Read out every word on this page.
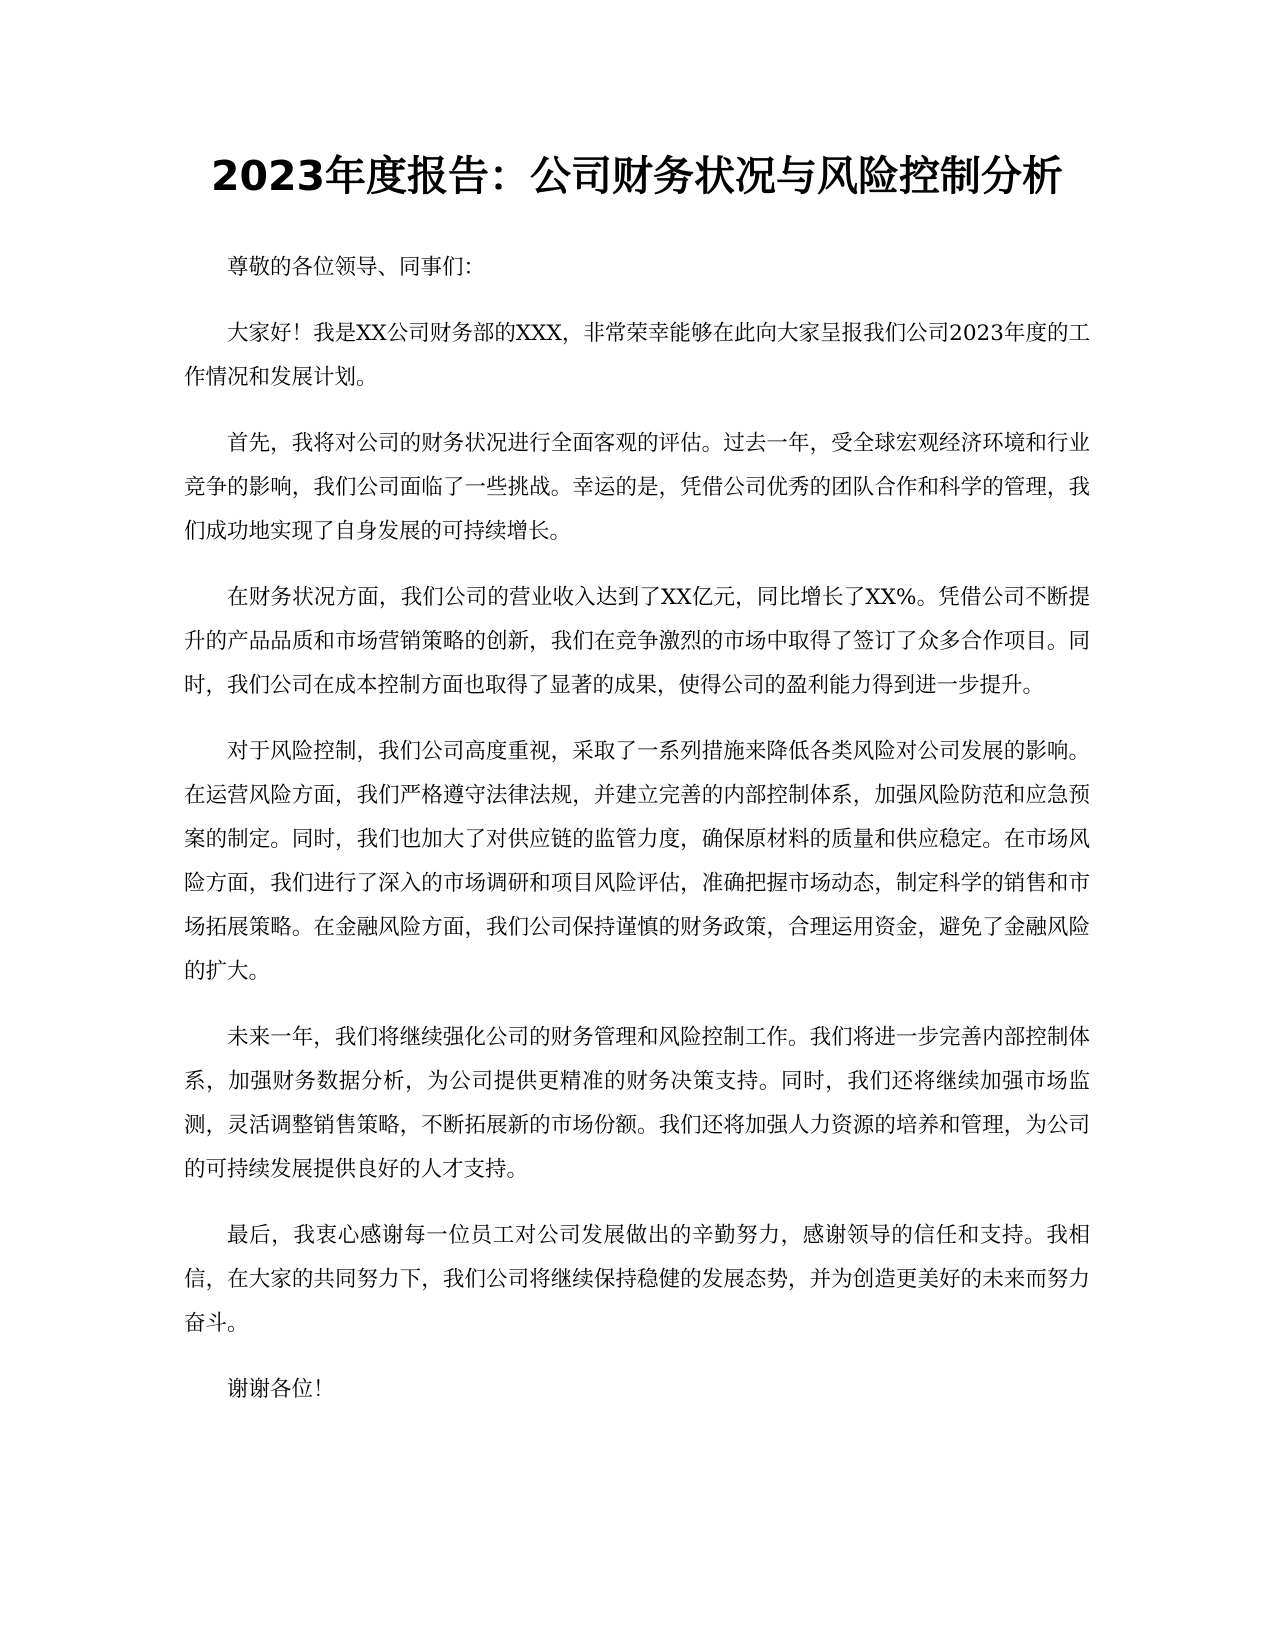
2023年度报告：公司财务状况与风险控制分析

尊敬的各位领导、同事们：

大家好！我是XX公司财务部的XXX，非常荣幸能够在此向大家呈报我们公司2023年度的工作情况和发展计划。

首先，我将对公司的财务状况进行全面客观的评估。过去一年，受全球宏观经济环境和行业竞争的影响，我们公司面临了一些挑战。幸运的是，凭借公司优秀的团队合作和科学的管理，我们成功地实现了自身发展的可持续增长。

在财务状况方面，我们公司的营业收入达到了XX亿元，同比增长了XX%。凭借公司不断提升的产品品质和市场营销策略的创新，我们在竞争激烈的市场中取得了签订了众多合作项目。同时，我们公司在成本控制方面也取得了显著的成果，使得公司的盈利能力得到进一步提升。

对于风险控制，我们公司高度重视，采取了一系列措施来降低各类风险对公司发展的影响。在运营风险方面，我们严格遵守法律法规，并建立完善的内部控制体系，加强风险防范和应急预案的制定。同时，我们也加大了对供应链的监管力度，确保原材料的质量和供应稳定。在市场风险方面，我们进行了深入的市场调研和项目风险评估，准确把握市场动态，制定科学的销售和市场拓展策略。在金融风险方面，我们公司保持谨慎的财务政策，合理运用资金，避免了金融风险的扩大。

未来一年，我们将继续强化公司的财务管理和风险控制工作。我们将进一步完善内部控制体系，加强财务数据分析，为公司提供更精准的财务决策支持。同时，我们还将继续加强市场监测，灵活调整销售策略，不断拓展新的市场份额。我们还将加强人力资源的培养和管理，为公司的可持续发展提供良好的人才支持。

最后，我衷心感谢每一位员工对公司发展做出的辛勤努力，感谢领导的信任和支持。我相信，在大家的共同努力下，我们公司将继续保持稳健的发展态势，并为创造更美好的未来而努力奋斗。

谢谢各位！
